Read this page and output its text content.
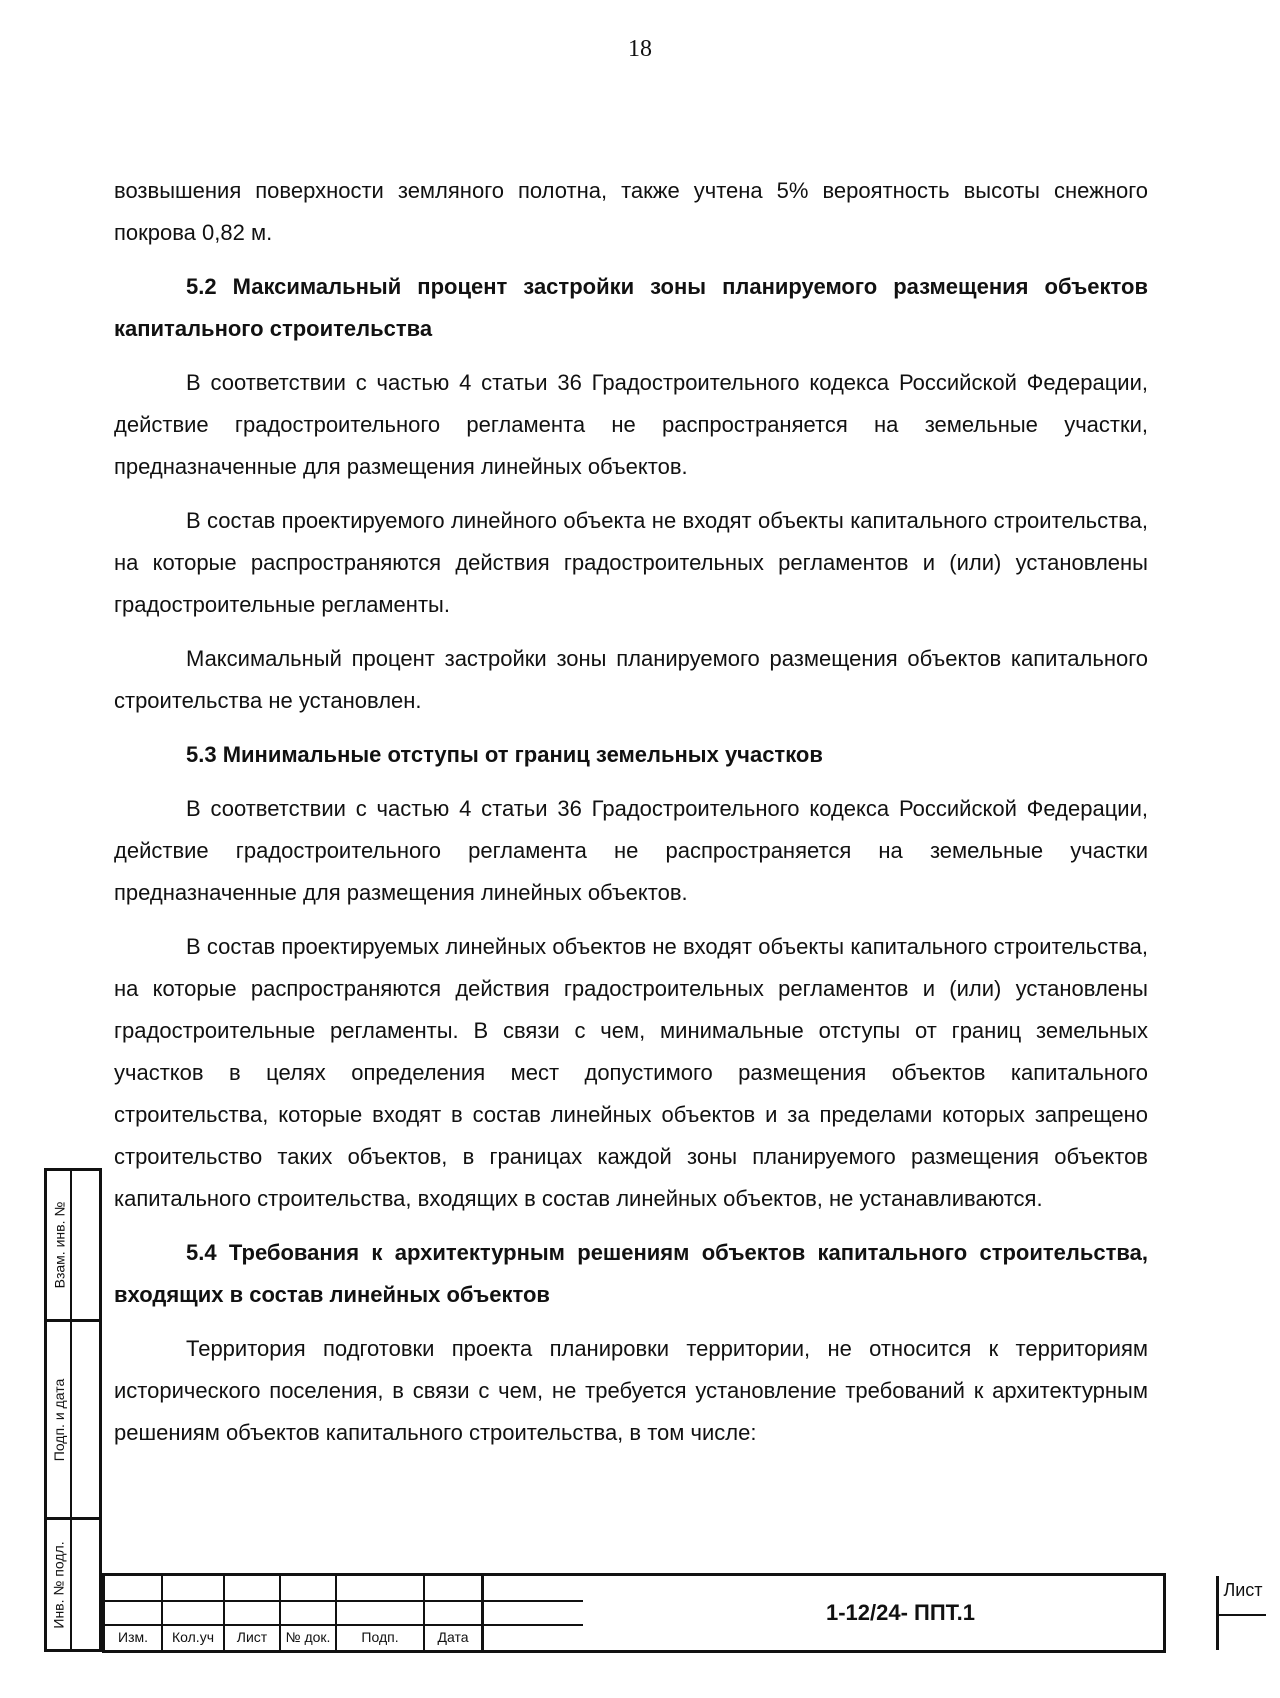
18

возвышения поверхности земляного полотна, также учтена 5% вероятность высоты снежного покрова 0,82 м.

5.2 Максимальный процент застройки зоны планируемого размещения объектов капитального строительства

В соответствии с частью 4 статьи 36 Градостроительного кодекса Российской Федерации, действие градостроительного регламента не распространяется на земельные участки, предназначенные для размещения линейных объектов.

В состав проектируемого линейного объекта не входят объекты капитального строительства, на которые распространяются действия градостроительных регламентов и (или) установлены градостроительные регламенты.

Максимальный процент застройки зоны планируемого размещения объектов капитального строительства не установлен.

5.3 Минимальные отступы от границ земельных участков

В соответствии с частью 4 статьи 36 Градостроительного кодекса Российской Федерации, действие градостроительного регламента не распространяется на земельные участки предназначенные для размещения линейных объектов.

В состав проектируемых линейных объектов не входят объекты капитального строительства, на которые распространяются действия градостроительных регламентов и (или) установлены градостроительные регламенты. В связи с чем, минимальные отступы от границ земельных участков в целях определения мест допустимого размещения объектов капитального строительства, которые входят в состав линейных объектов и за пределами которых запрещено строительство таких объектов, в границах каждой зоны планируемого размещения объектов капитального строительства, входящих в состав линейных объектов, не устанавливаются.

5.4 Требования к архитектурным решениям объектов капитального строительства, входящих в состав линейных объектов

Территория подготовки проекта планировки территории, не относится к территориям исторического поселения, в связи с чем, не требуется установление требований к архитектурным решениям объектов капитального строительства, в том числе:

Взам. инв. №
Подп. и дата
Инв. № подл.
Изм.	Кол.уч	Лист	№ док.	Подп.	Дата
1-12/24- ППТ.1
Лист
